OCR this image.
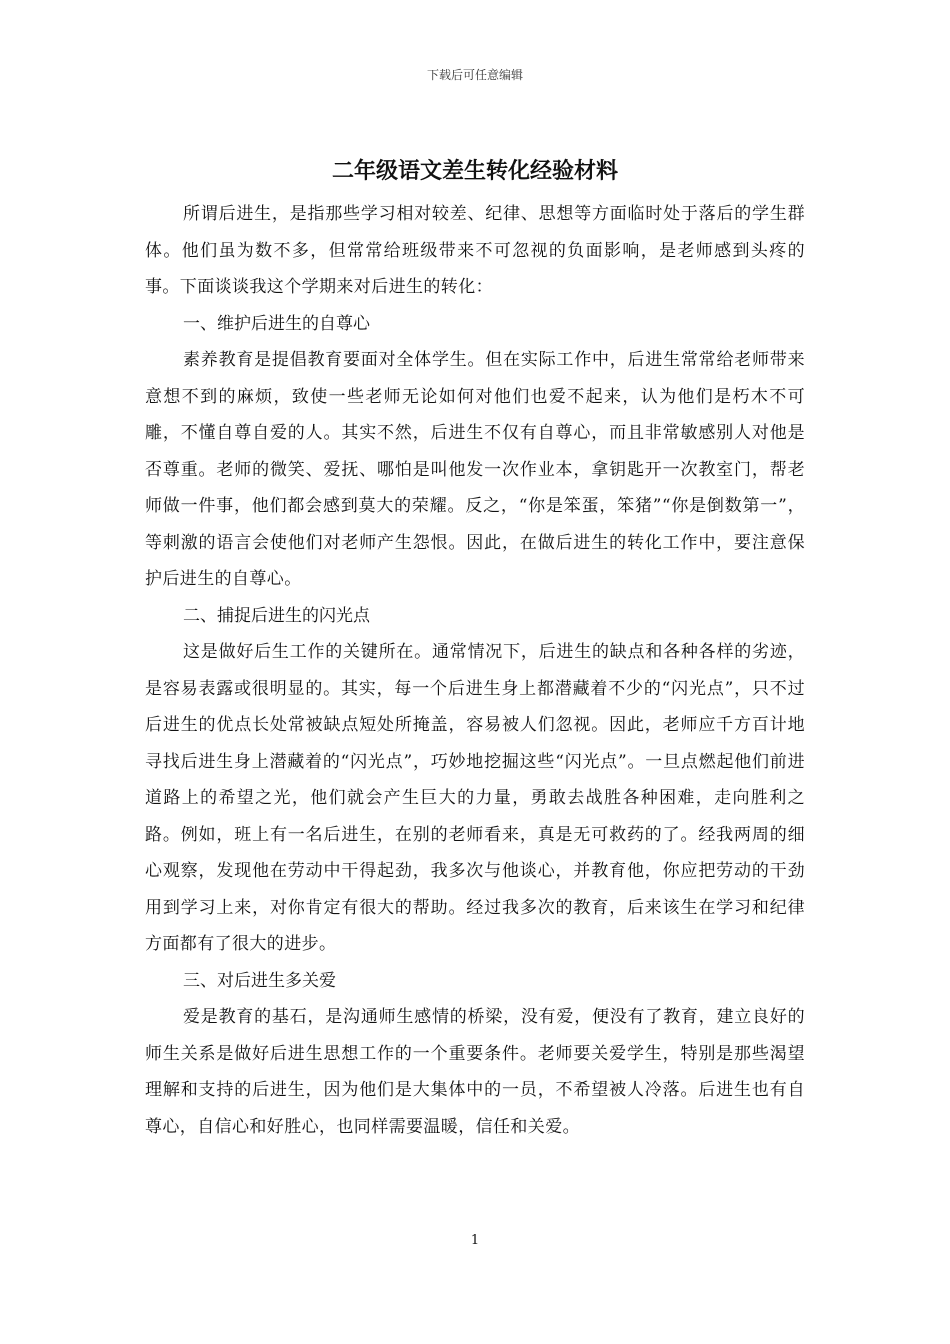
下载后可任意编辑
二年级语文差生转化经验材料

所谓后进生，是指那些学习相对较差、纪律、思想等方面临时处于落后的学生群体。他们虽为数不多，但常常给班级带来不可忽视的负面影响，是老师感到头疼的事。下面谈谈我这个学期来对后进生的转化：

一、维护后进生的自尊心

素养教育是提倡教育要面对全体学生。但在实际工作中，后进生常常给老师带来意想不到的麻烦，致使一些老师无论如何对他们也爱不起来，认为他们是朽木不可雕，不懂自尊自爱的人。其实不然，后进生不仅有自尊心，而且非常敏感别人对他是否尊重。老师的微笑、爱抚、哪怕是叫他发一次作业本，拿钥匙开一次教室门，帮老师做一件事，他们都会感到莫大的荣耀。反之，“你是笨蛋，笨猪”“你是倒数第一”，等刺激的语言会使他们对老师产生怨恨。因此，在做后进生的转化工作中，要注意保护后进生的自尊心。

二、捕捉后进生的闪光点

这是做好后生工作的关键所在。通常情况下，后进生的缺点和各种各样的劣迹，是容易表露或很明显的。其实，每一个后进生身上都潜藏着不少的“闪光点”，只不过后进生的优点长处常被缺点短处所掩盖，容易被人们忽视。因此，老师应千方百计地寻找后进生身上潜藏着的“闪光点”，巧妙地挖掘这些“闪光点”。一旦点燃起他们前进道路上的希望之光，他们就会产生巨大的力量，勇敢去战胜各种困难，走向胜利之路。例如，班上有一名后进生，在别的老师看来，真是无可救药的了。经我两周的细心观察，发现他在劳动中干得起劲，我多次与他谈心，并教育他，你应把劳动的干劲用到学习上来，对你肯定有很大的帮助。经过我多次的教育，后来该生在学习和纪律方面都有了很大的进步。

三、对后进生多关爱

爱是教育的基石，是沟通师生感情的桥梁，没有爱，便没有了教育，建立良好的师生关系是做好后进生思想工作的一个重要条件。老师要关爱学生，特别是那些渴望理解和支持的后进生，因为他们是大集体中的一员，不希望被人冷落。后进生也有自尊心，自信心和好胜心，也同样需要温暖，信任和关爱。

1
